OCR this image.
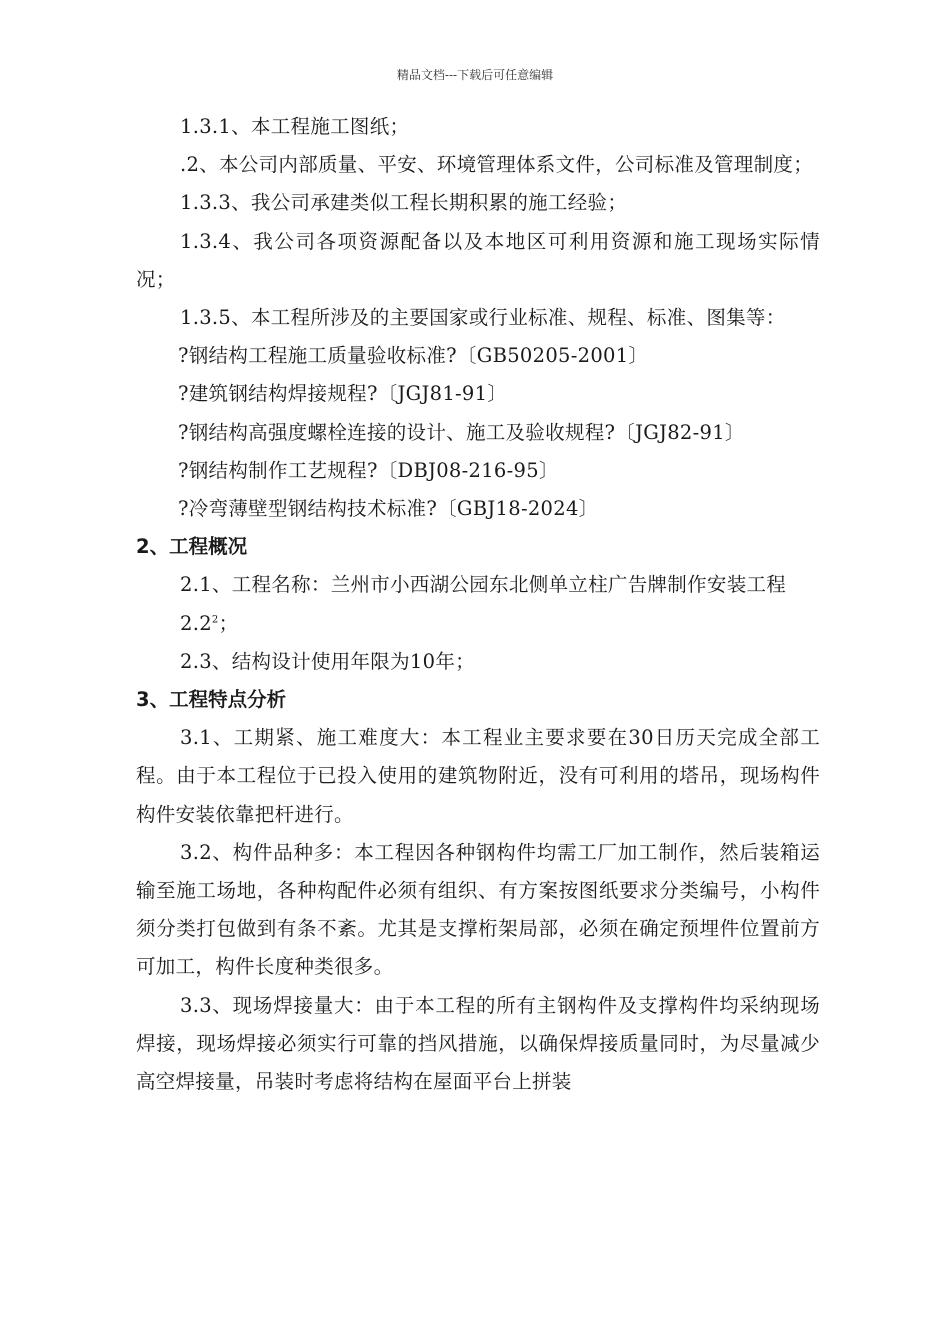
精品文档---下载后可任意编辑

1.3.1、本工程施工图纸；

.2、本公司内部质量、平安、环境管理体系文件，公司标准及管理制度；

1.3.3、我公司承建类似工程长期积累的施工经验；

1.3.4、我公司各项资源配备以及本地区可利用资源和施工现场实际情况；

1.3.5、本工程所涉及的主要国家或行业标准、规程、标准、图集等：

?钢结构工程施工质量验收标准?〔GB50205-2001〕

?建筑钢结构焊接规程?〔JGJ81-91〕

?钢结构高强度螺栓连接的设计、施工及验收规程?〔JGJ82-91〕

?钢结构制作工艺规程?〔DBJ08-216-95〕

?冷弯薄壁型钢结构技术标准?〔GBJ18-2024〕

2、工程概况

2.1、工程名称：兰州市小西湖公园东北侧单立柱广告牌制作安装工程

$2.2^2$；

2.3、结构设计使用年限为10年；

3、工程特点分析

3.1、工期紧、施工难度大：本工程业主要求要在30日历天完成全部工程。由于本工程位于已投入使用的建筑物附近，没有可利用的塔吊，现场构件构件安装依靠把杆进行。

3.2、构件品种多：本工程因各种钢构件均需工厂加工制作，然后装箱运输至施工场地，各种构配件必须有组织、有方案按图纸要求分类编号，小构件须分类打包做到有条不紊。尤其是支撑桁架局部，必须在确定预埋件位置前方可加工，构件长度种类很多。

3.3、现场焊接量大：由于本工程的所有主钢构件及支撑构件均采纳现场焊接，现场焊接必须实行可靠的挡风措施，以确保焊接质量同时，为尽量减少高空焊接量，吊装时考虑将结构在屋面平台上拼装
